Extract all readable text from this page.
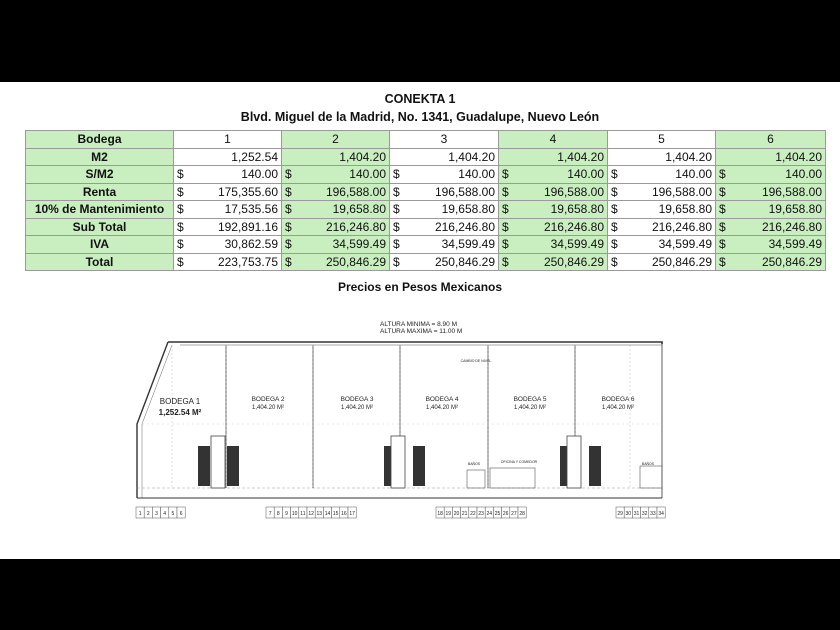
CONEKTA 1
Blvd. Miguel de la Madrid, No. 1341, Guadalupe, Nuevo León
Bodega	1	2	3	4	5	6
M2	1,252.54	1,404.20	1,404.20	1,404.20	1,404.20	1,404.20
S/M2	$ 140.00	$ 140.00	$ 140.00	$ 140.00	$ 140.00	$ 140.00

Renta	$ 175,355.60	$ 196,588.00	$ 196,588.00	$ 196,588.00	$ 196,588.00	$ 196,588.00

10% de Mantenimiento	$ 17,535.56	$ 19,658.80	$ 19,658.80	$ 19,658.80	$ 19,658.80	$ 19,658.80

Sub Total	$ 192,891.16	$ 216,246.80	$ 216,246.80	$ 216,246.80	$ 216,246.80	$ 216,246.80

IVA	$ 30,862.59	$ 34,599.49	$ 34,599.49	$ 34,599.49	$ 34,599.49	$ 34,599.49

Total	$ 223,753.75	$ 250,846.29	$ 250,846.29	$ 250,846.29	$ 250,846.29	$ 250,846.29
Precios en Pesos Mexicanos
ALTURA MINIMA = 8.90 M
ALTURA MAXIMA = 11.00 M
BODEGA 1
1,252.54 M²
BODEGA 2
1,404.20 M²
BODEGA 3
1,404.20 M²
BODEGA 4
1,404.20 M²
BODEGA 5
1,404.20 M²
BODEGA 6
1,404.20 M²
CAMBIO DE NIVEL
BAÑOS	OFICINA Y COMEDOR	BAÑOS
1 2 3 4 5 6	7 8 9 10 11 12 13 14 15 16 17	18 19 20 21 22 23 24 25 26 27 28	29 30 31 32 33 34
